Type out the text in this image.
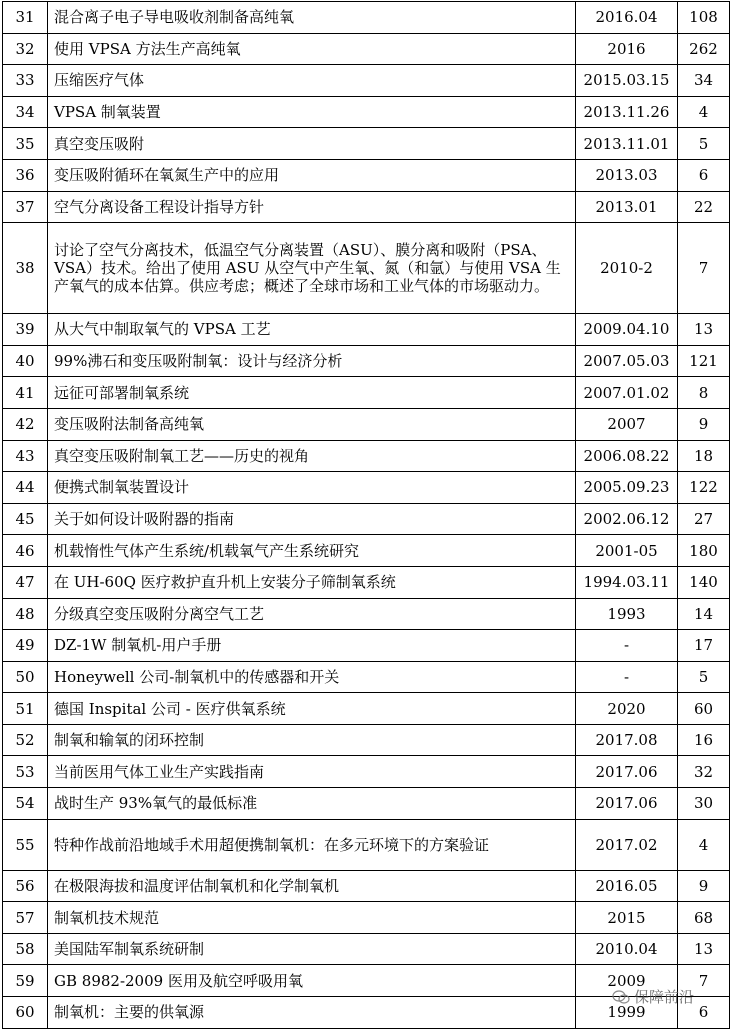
31	混合离子电子导电吸收剂制备高纯氧	2016.04	108
32	使用 VPSA 方法生产高纯氧	2016	262
33	压缩医疗气体	2015.03.15	34
34	VPSA 制氧装置	2013.11.26	4
35	真空变压吸附	2013.11.01	5
36	变压吸附循环在氧氮生产中的应用	2013.03	6
37	空气分离设备工程设计指导方针	2013.01	22
38	讨论了空气分离技术，低温空气分离装置（ASU）、膜分离和吸附（PSA、VSA）技术。给出了使用 ASU 从空气中产生氧、氮（和氩）与使用 VSA 生产氧气的成本估算。供应考虑；概述了全球市场和工业气体的市场驱动力。	2010-2	7
39	从大气中制取氧气的 VPSA 工艺	2009.04.10	13
40	99%沸石和变压吸附制氧：设计与经济分析	2007.05.03	121
41	远征可部署制氧系统	2007.01.02	8
42	变压吸附法制备高纯氧	2007	9
43	真空变压吸附制氧工艺——历史的视角	2006.08.22	18
44	便携式制氧装置设计	2005.09.23	122
45	关于如何设计吸附器的指南	2002.06.12	27
46	机载惰性气体产生系统/机载氧气产生系统研究	2001-05	180
47	在 UH-60Q 医疗救护直升机上安装分子筛制氧系统	1994.03.11	140
48	分级真空变压吸附分离空气工艺	1993	14
49	DZ-1W 制氧机-用户手册	-	17
50	Honeywell 公司-制氧机中的传感器和开关	-	5
51	德国 Inspital 公司 - 医疗供氧系统	2020	60
52	制氧和输氧的闭环控制	2017.08	16
53	当前医用气体工业生产实践指南	2017.06	32
54	战时生产 93%氧气的最低标准	2017.06	30
55	特种作战前沿地域手术用超便携制氧机：在多元环境下的方案验证	2017.02	4
56	在极限海拔和温度评估制氧机和化学制氧机	2016.05	9
57	制氧机技术规范	2015	68
58	美国陆军制氧系统研制	2010.04	13
59	GB 8982-2009 医用及航空呼吸用氧	2009	7
60	制氧机：主要的供氧源	1999	6
保障前沿
